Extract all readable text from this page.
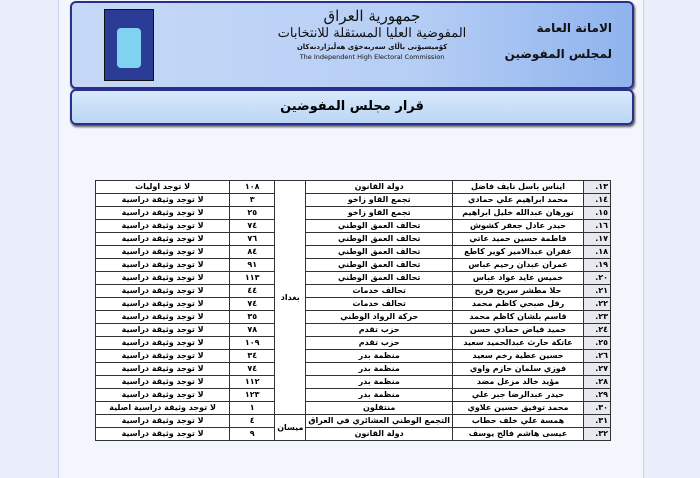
جمهورية العراق
المفوضية العليا المستقلة للانتخابات
كۆمیسیۆنی باڵای سەربەخۆی هەڵبژاردنەکان
The Independent High Electoral Commission
الامانة العامة
لمجلس المفوضين
قرار مجلس المفوضين
١٣.	ايناس باسل نايف فاضل	دولة القانون	بغداد	١٠٨	لا توجد اوليات
١٤.	محمد ابراهيم علي حمادي	تجمع القاو زاخو		٣	لا توجد وثيقة دراسية
١٥.	نورهان عبدالله خليل ابراهيم	تجمع القاو زاخو		٢٥	لا توجد وثيقة دراسية
١٦.	حيدر عادل جعفر كشوش	تحالف العمق الوطني		٧٤	لا توجد وثيقة دراسية
١٧.	فاطمة حسين حميد عاتي	تحالف العمق الوطني		٧٦	لا توجد وثيقة دراسية
١٨.	غفران عبدالامير كوير كاطع	تحالف العمق الوطني		٨٤	لا توجد وثيقة دراسية
١٩.	عمران عبدان رحيم عباس	تحالف العمق الوطني		٩١	لا توجد وثيقة دراسية
٢٠.	خميس عايد عواد عباس	تحالف العمق الوطني		١١٣	لا توجد وثيقة دراسية
٢١.	حلا مطشر سريح فريح	تحالف خدمات		٤٤	لا توجد وثيقة دراسية
٢٢.	رفل صبحي كاظم محمد	تحالف خدمات		٧٤	لا توجد وثيقة دراسية
٢٣.	قاسم بلشان كاظم محمد	حركة الرواد الوطني		٣٥	لا توجد وثيقة دراسية
٢٤.	حميد فياض حمادي حسن	حزب تقدم		٧٨	لا توجد وثيقة دراسية
٢٥.	عاتكة حارث عبدالحميد سعيد	حزب تقدم		١٠٩	لا توجد وثيقة دراسية
٢٦.	حسين عطية رخم سعيد	منظمة بدر		٣٤	لا توجد وثيقة دراسية
٢٧.	فوزي سلمان حازم واوي	منظمة بدر		٧٤	لا توجد وثيقة دراسية
٢٨.	مؤيد خالد مزعل مضد	منظمة بدر		١١٢	لا توجد وثيقة دراسية
٢٩.	حيدر عبدالرضا جبر علي	منظمة بدر		١٢٣	لا توجد وثيقة دراسية
٣٠.	محمد توفيق حسين علاوي	منتقلون		١	لا توجد وثيقة دراسية اصلية
٣١.	همسة علي خلف حطاب	التجمع الوطني العشائري في العراق	ميسان	٤	لا توجد وثيقة دراسية
٣٢.	عيسى هاشم فالح يوسف	دولة القانون		٩	لا توجد وثيقة دراسية
